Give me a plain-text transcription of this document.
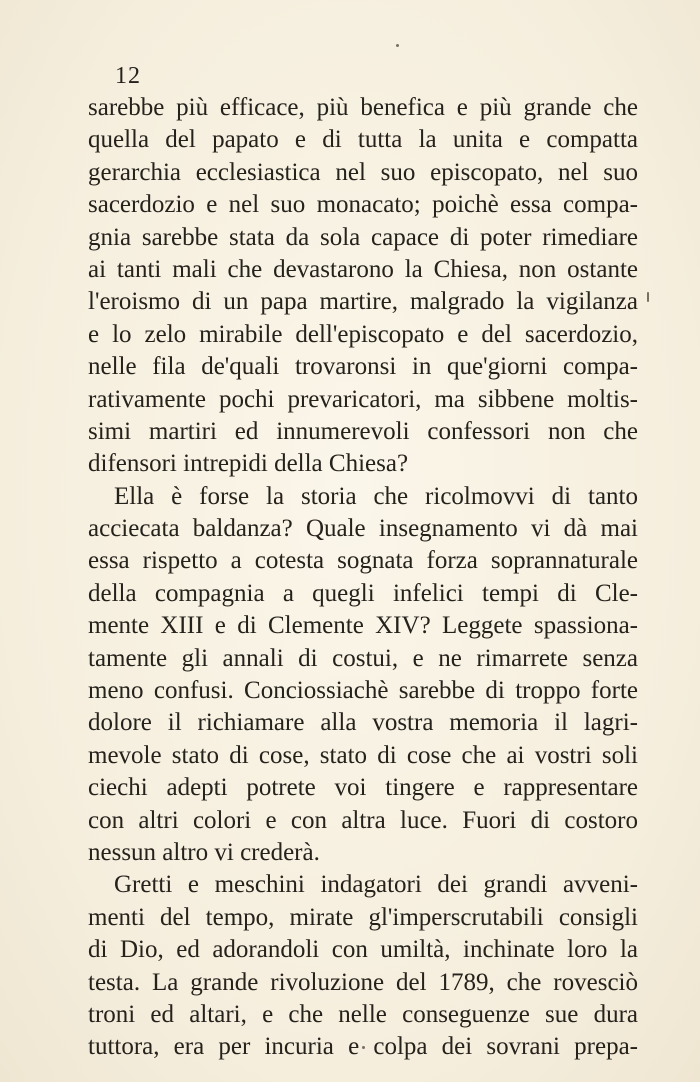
12
sarebbe più efficace, più benefica e più grande che
quella del papato e di tutta la unita e compatta
gerarchia ecclesiastica nel suo episcopato, nel suo
sacerdozio e nel suo monacato; poichè essa compa-
gnia sarebbe stata da sola capace di poter rimediare
ai tanti mali che devastarono la Chiesa, non ostante
l'eroismo di un papa martire, malgrado la vigilanza
e lo zelo mirabile dell'episcopato e del sacerdozio,
nelle fila de'quali trovaronsi in que'giorni compa-
rativamente pochi prevaricatori, ma sibbene moltis-
simi martiri ed innumerevoli confessori non che
difensori intrepidi della Chiesa?
Ella è forse la storia che ricolmovvi di tanto
acciecata baldanza? Quale insegnamento vi dà mai
essa rispetto a cotesta sognata forza soprannaturale
della compagnia a quegli infelici tempi di Cle-
mente XIII e di Clemente XIV? Leggete spassiona-
tamente gli annali di costui, e ne rimarrete senza
meno confusi. Conciossiachè sarebbe di troppo forte
dolore il richiamare alla vostra memoria il lagri-
mevole stato di cose, stato di cose che ai vostri soli
ciechi adepti potrete voi tingere e rappresentare
con altri colori e con altra luce. Fuori di costoro
nessun altro vi crederà.
Gretti e meschini indagatori dei grandi avveni-
menti del tempo, mirate gl'imperscrutabili consigli
di Dio, ed adorandoli con umiltà, inchinate loro la
testa. La grande rivoluzione del 1789, che rovesciò
troni ed altari, e che nelle conseguenze sue dura
tuttora, era per incuria e colpa dei sovrani prepa-
